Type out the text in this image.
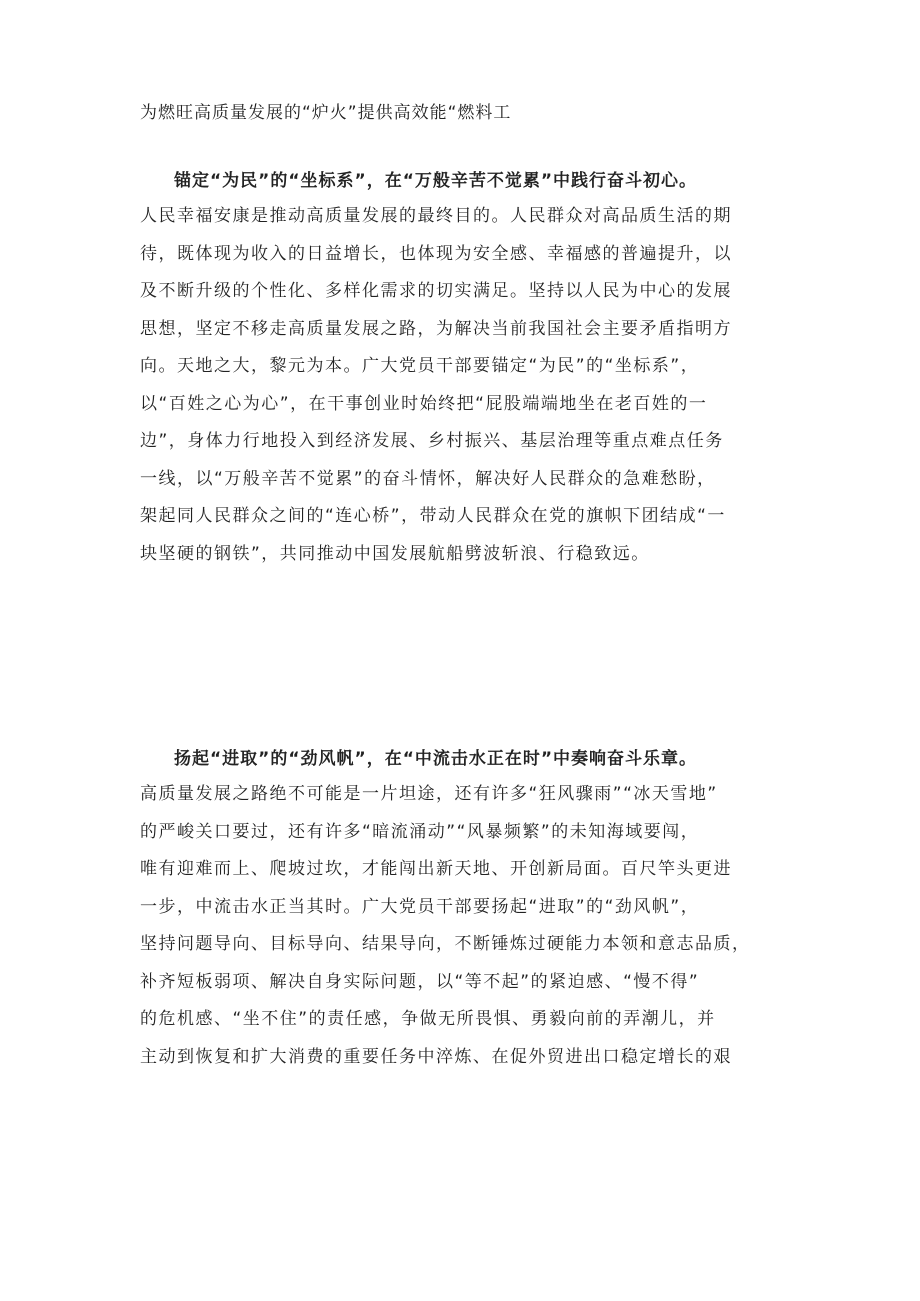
为燃旺高质量发展的“炉火”提供高效能“燃料工
锚定“为民”的“坐标系”，在“万般辛苦不觉累”中践行奋斗初心。
人民幸福安康是推动高质量发展的最终目的。人民群众对高品质生活的期
待，既体现为收入的日益增长，也体现为安全感、幸福感的普遍提升，以
及不断升级的个性化、多样化需求的切实满足。坚持以人民为中心的发展
思想，坚定不移走高质量发展之路，为解决当前我国社会主要矛盾指明方
向。天地之大，黎元为本。广大党员干部要锚定“为民”的“坐标系”，
以“百姓之心为心”，在干事创业时始终把“屁股端端地坐在老百姓的一
边”，身体力行地投入到经济发展、乡村振兴、基层治理等重点难点任务
一线，以“万般辛苦不觉累”的奋斗情怀，解决好人民群众的急难愁盼，
架起同人民群众之间的“连心桥”，带动人民群众在党的旗帜下团结成“一
块坚硬的钢铁”，共同推动中国发展航船劈波斩浪、行稳致远。
扬起“进取”的“劲风帆”，在“中流击水正在时”中奏响奋斗乐章。
高质量发展之路绝不可能是一片坦途，还有许多“狂风骤雨”“冰天雪地”
的严峻关口要过，还有许多“暗流涌动”“风暴频繁”的未知海域要闯，
唯有迎难而上、爬坡过坎，才能闯出新天地、开创新局面。百尺竿头更进
一步，中流击水正当其时。广大党员干部要扬起“进取”的“劲风帆”，
坚持问题导向、目标导向、结果导向，不断锤炼过硬能力本领和意志品质，
补齐短板弱项、解决自身实际问题，以“等不起”的紧迫感、“慢不得”
的危机感、“坐不住”的责任感，争做无所畏惧、勇毅向前的弄潮儿，并
主动到恢复和扩大消费的重要任务中淬炼、在促外贸进出口稳定增长的艰
